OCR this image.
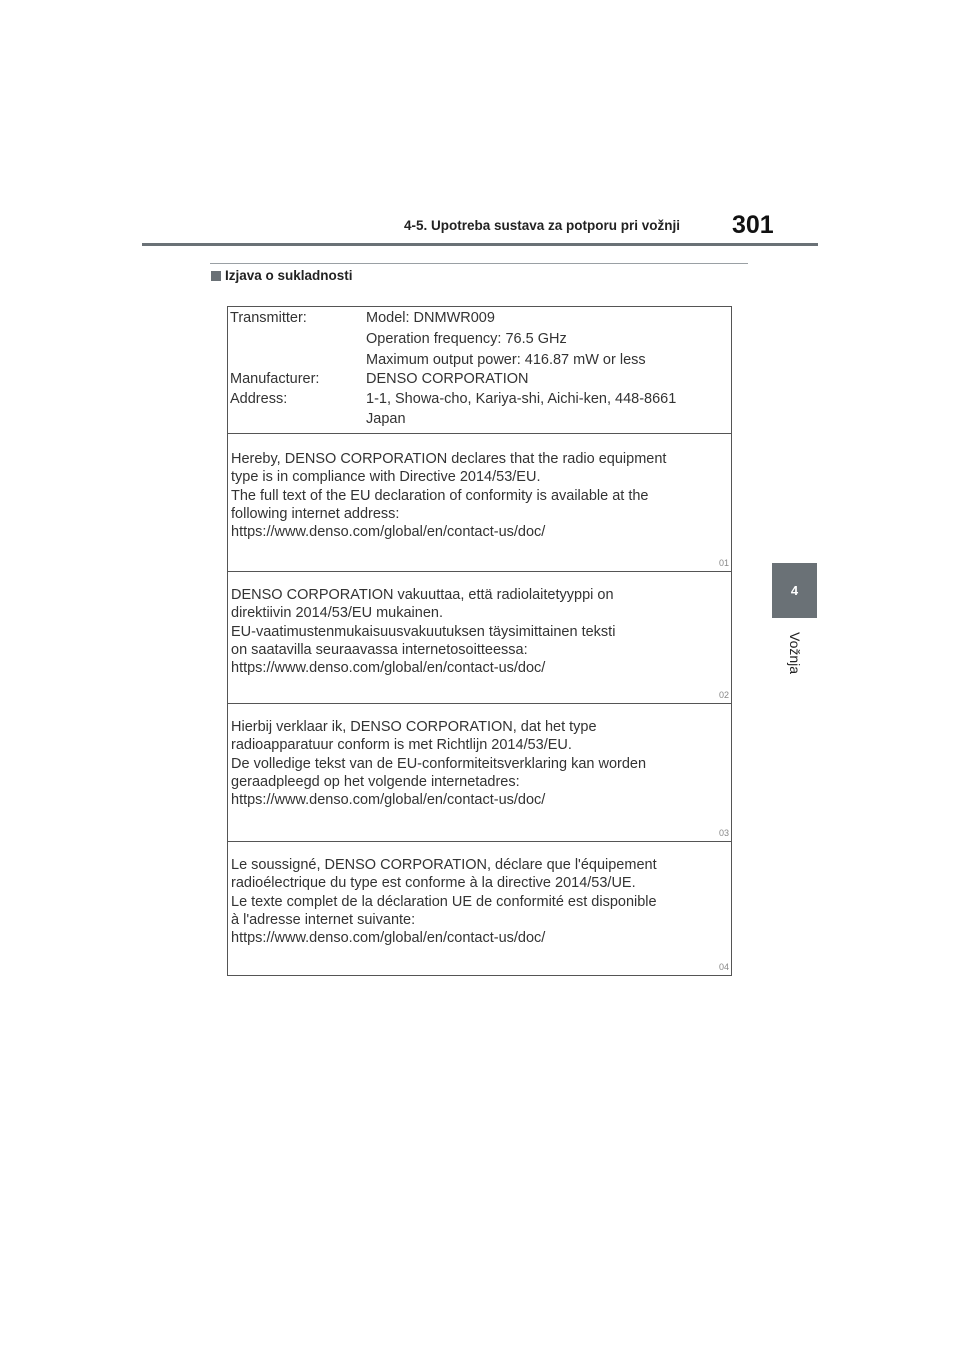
4-5. Upotreba sustava za potporu pri vožnji	301
Izjava o sukladnosti
4
Vožnja
Transmitter:	Model: DNMWR009
Operation frequency: 76.5 GHz
Maximum output power: 416.87 mW or less
Manufacturer:	DENSO CORPORATION
Address:	1-1, Showa-cho, Kariya-shi, Aichi-ken, 448-8661
Japan
Hereby, DENSO CORPORATION declares that the radio equipment
type is in compliance with Directive 2014/53/EU.
The full text of the EU declaration of conformity is available at the
following internet address:
https://www.denso.com/global/en/contact-us/doc/
01
DENSO CORPORATION vakuuttaa, että radiolaitetyyppi on
direktiivin 2014/53/EU mukainen.
EU-vaatimustenmukaisuusvakuutuksen täysimittainen teksti
on saatavilla seuraavassa internetosoitteessa:
https://www.denso.com/global/en/contact-us/doc/
02
Hierbij verklaar ik, DENSO CORPORATION, dat het type
radioapparatuur conform is met Richtlijn 2014/53/EU.
De volledige tekst van de EU-conformiteitsverklaring kan worden
geraadpleegd op het volgende internetadres:
https://www.denso.com/global/en/contact-us/doc/
03
Le soussigné, DENSO CORPORATION, déclare que l'équipement
radioélectrique du type est conforme à la directive 2014/53/UE.
Le texte complet de la déclaration UE de conformité est disponible
à l'adresse internet suivante:
https://www.denso.com/global/en/contact-us/doc/
04
